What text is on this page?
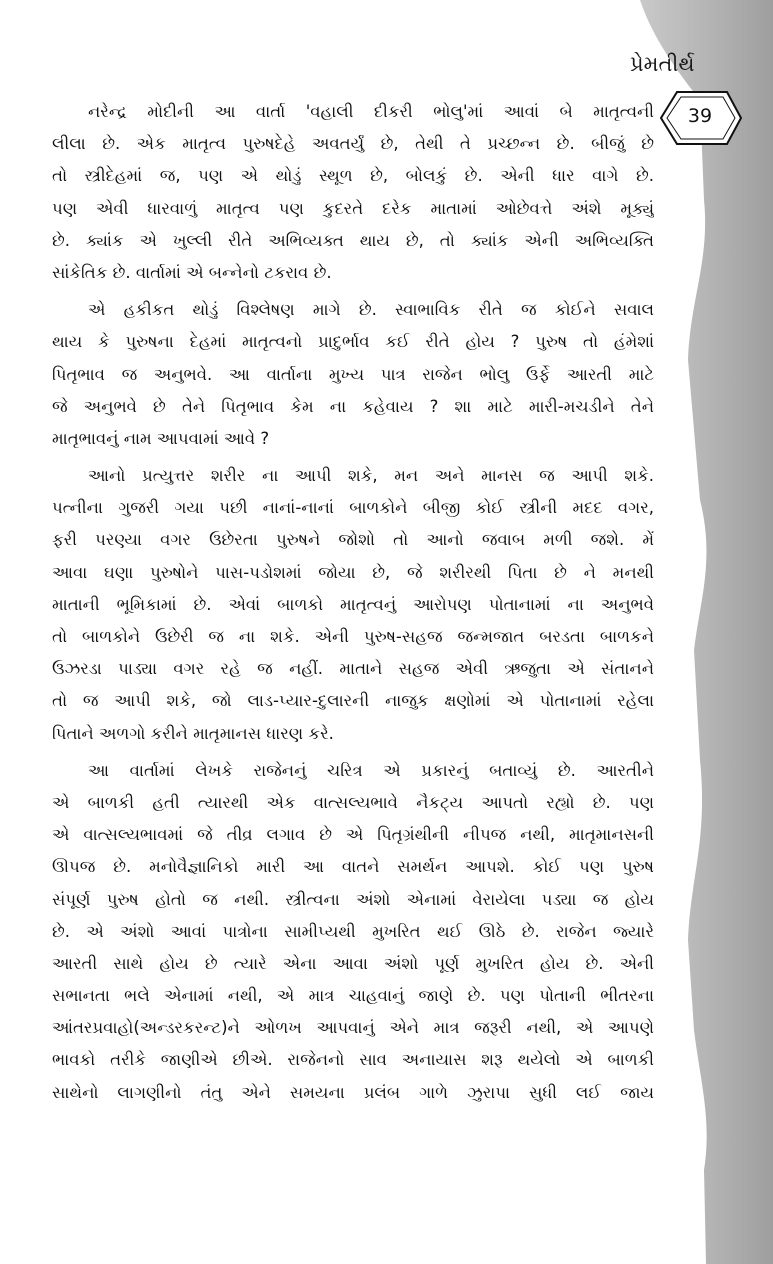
પ્રેમતીર્થ
39
નરેન્દ્ર મોદીની આ વાર્તા 'વહાલી દીકરી ભોલુ'માં આવાં બે માતૃત્વની
લીલા છે. એક માતૃત્વ પુરુષદેહે અવતર્યું છે, તેથી તે પ્રચ્છન્ન છે. બીજું છે
તો સ્ત્રીદેહમાં જ, પણ એ થોડું સ્થૂળ છે, બોલકું છે. એની ધાર વાગે છે.
પણ એવી ધારવાળું માતૃત્વ પણ કુદરતે દરેક માતામાં ઓછેવત્તે અંશે મૂક્યું
છે. ક્યાંક એ ખુલ્લી રીતે અભિવ્યક્ત થાય છે, તો ક્યાંક એની અભિવ્યક્તિ
સાંકેતિક છે. વાર્તામાં એ બન્નેનો ટકરાવ છે.
એ હકીકત થોડું વિશ્લેષણ માગે છે. સ્વાભાવિક રીતે જ કોઈને સવાલ
થાય કે પુરુષના દેહમાં માતૃત્વનો પ્રાદુર્ભાવ કઈ રીતે હોય ? પુરુષ તો હંમેશાં
પિતૃભાવ જ અનુભવે. આ વાર્તાના મુખ્ય પાત્ર રાજેન ભોલુ ઉર્ફે આરતી માટે
જે અનુભવે છે તેને પિતૃભાવ કેમ ના કહેવાય ? શા માટે મારી-મચડીને તેને
માતૃભાવનું નામ આપવામાં આવે ?
આનો પ્રત્યુત્તર શરીર ના આપી શકે, મન અને માનસ જ આપી શકે.
પત્નીના ગુજરી ગયા પછી નાનાં-નાનાં બાળકોને બીજી કોઈ સ્ત્રીની મદદ વગર,
ફરી પરણ્યા વગર ઉછેરતા પુરુષને જોશો તો આનો જવાબ મળી જશે. મેં
આવા ઘણા પુરુષોને પાસ-પડોશમાં જોયા છે, જે શરીરથી પિતા છે ને મનથી
માતાની ભૂમિકામાં છે. એવાં બાળકો માતૃત્વનું આરોપણ પોતાનામાં ના અનુભવે
તો બાળકોને ઉછેરી જ ના શકે. એની પુરુષ-સહજ જન્મજાત બરડતા બાળકને
ઉઝરડા પાડ્યા વગર રહે જ નહીં. માતાને સહજ એવી ઋજુતા એ સંતાનને
તો જ આપી શકે, જો લાડ-પ્યાર-દુલારની નાજુક ક્ષણોમાં એ પોતાનામાં રહેલા
પિતાને અળગો કરીને માતૃમાનસ ધારણ કરે.
આ વાર્તામાં લેખકે રાજેનનું ચરિત્ર એ પ્રકારનું બતાવ્યું છે. આરતીને
એ બાળકી હતી ત્યારથી એક વાત્સલ્યભાવે નૈકટ્ય આપતો રહ્યો છે. પણ
એ વાત્સલ્યભાવમાં જે તીવ્ર લગાવ છે એ પિતૃગ્રંથીની નીપજ નથી, માતૃમાનસની
ઊપજ છે. મનોવૈજ્ઞાનિકો મારી આ વાતને સમર્થન આપશે. કોઈ પણ પુરુષ
સંપૂર્ણ પુરુષ હોતો જ નથી. સ્ત્રીત્વના અંશો એનામાં વેરાયેલા પડ્યા જ હોય
છે. એ અંશો આવાં પાત્રોના સામીપ્યથી મુખરિત થઈ ઊઠે છે. રાજેન જ્યારે
આરતી સાથે હોય છે ત્યારે એના આવા અંશો પૂર્ણ મુખરિત હોય છે. એની
સભાનતા ભલે એનામાં નથી, એ માત્ર ચાહવાનું જાણે છે. પણ પોતાની ભીતરના
આંતરપ્રવાહો(અન્ડરકરન્ટ)ને ઓળખ આપવાનું એને માત્ર જરૂરી નથી, એ આપણે
ભાવકો તરીકે જાણીએ છીએ. રાજેનનો સાવ અનાયાસ શરૂ થયેલો એ બાળકી
સાથેનો લાગણીનો તંતુ એને સમયના પ્રલંબ ગાળે ઝુરાપા સુધી લઈ જાય
